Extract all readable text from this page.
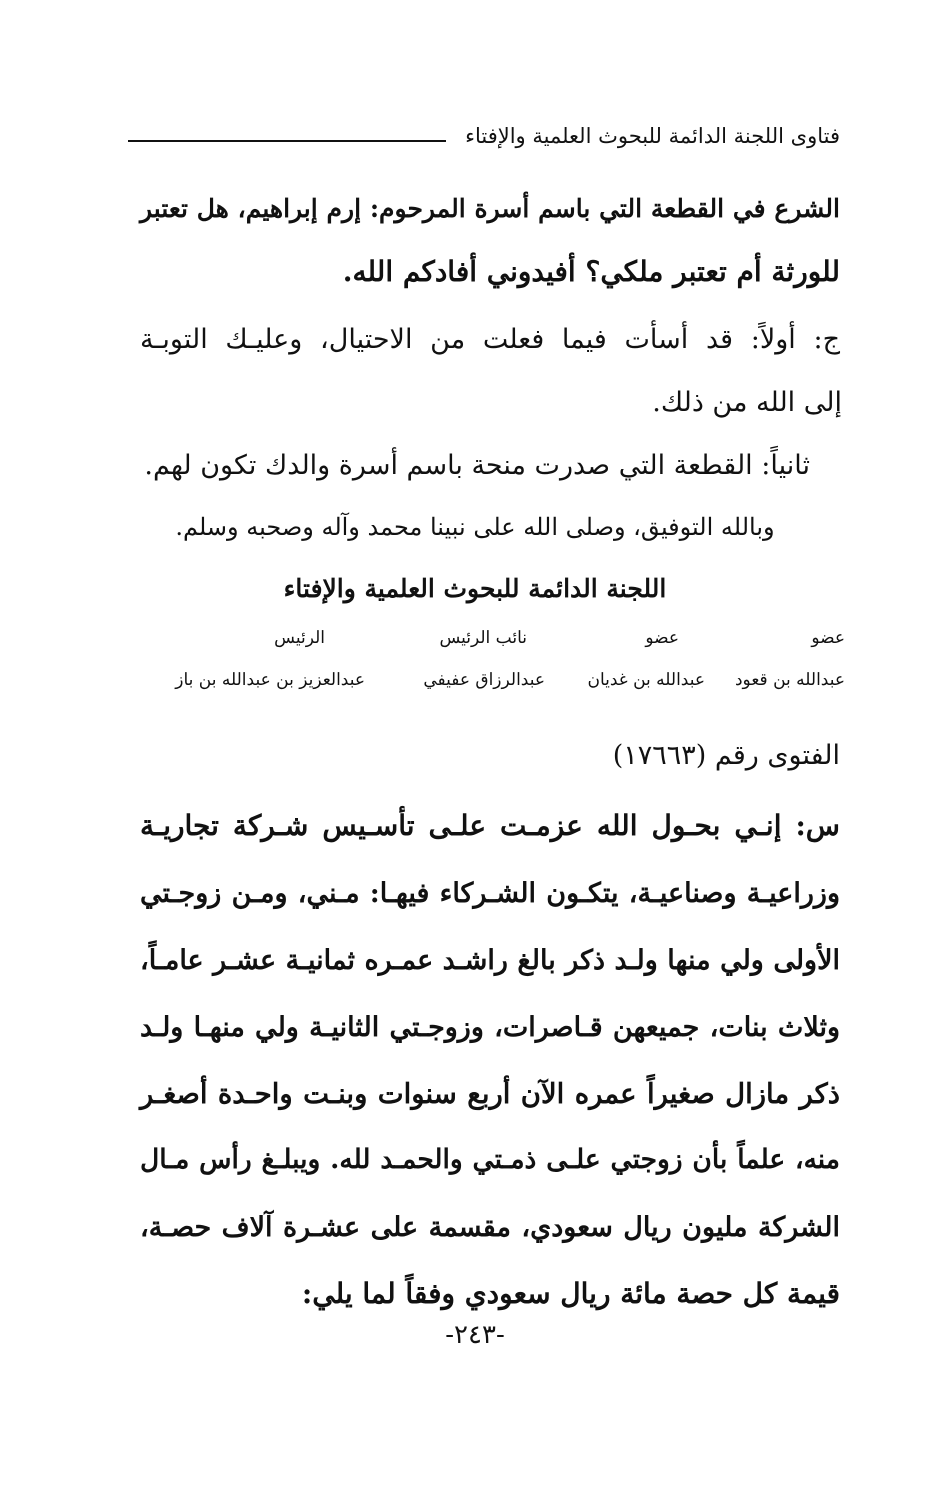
فتاوى اللجنة الدائمة للبحوث العلمية والإفتاء
الشرع في القطعة التي باسم أسرة المرحوم: إرم إبراهيم، هل تعتبر
للورثة أم تعتبر ملكي؟ أفيدوني أفادكم الله.
ج: أولاً: قد أسأت فيما فعلت من الاحتيال، وعليـك التوبـة
إلى الله من ذلك.
ثانياً: القطعة التي صدرت منحة باسم أسرة والدك تكون لهم.
وبالله التوفيق، وصلى الله على نبينا محمد وآله وصحبه وسلم.
اللجنة الدائمة للبحوث العلمية والإفتاء
عضو
عضو
نائب الرئيس
الرئيس
عبدالله بن قعود
عبدالله بن غديان
عبدالرزاق عفيفي
عبدالعزيز بن عبدالله بن باز
الفتوى رقم (١٧٦٦٣)
س: إنـي بحـول الله عزمـت علـى تأسـيس شـركة تجاريـة
وزراعيـة وصناعيـة، يتكـون الشـركاء فيهـا: مـني، ومـن زوجـتي
الأولى ولي منها ولـد ذكر بالغ راشـد عمـره ثمانيـة عشـر عامـاً،
وثلاث بنات، جميعهن قـاصرات، وزوجـتي الثانيـة ولي منهـا ولـد
ذكر مازال صغيراً عمره الآن أربع سنوات وبنـت واحـدة أصغـر
منه، علماً بأن زوجتي علـى ذمـتي والحمـد لله. ويبلـغ رأس مـال
الشركة مليون ريال سعودي، مقسمة على عشـرة آلاف حصـة،
قيمة كل حصة مائة ريال سعودي وفقاً لما يلي:
-٢٤٣-
